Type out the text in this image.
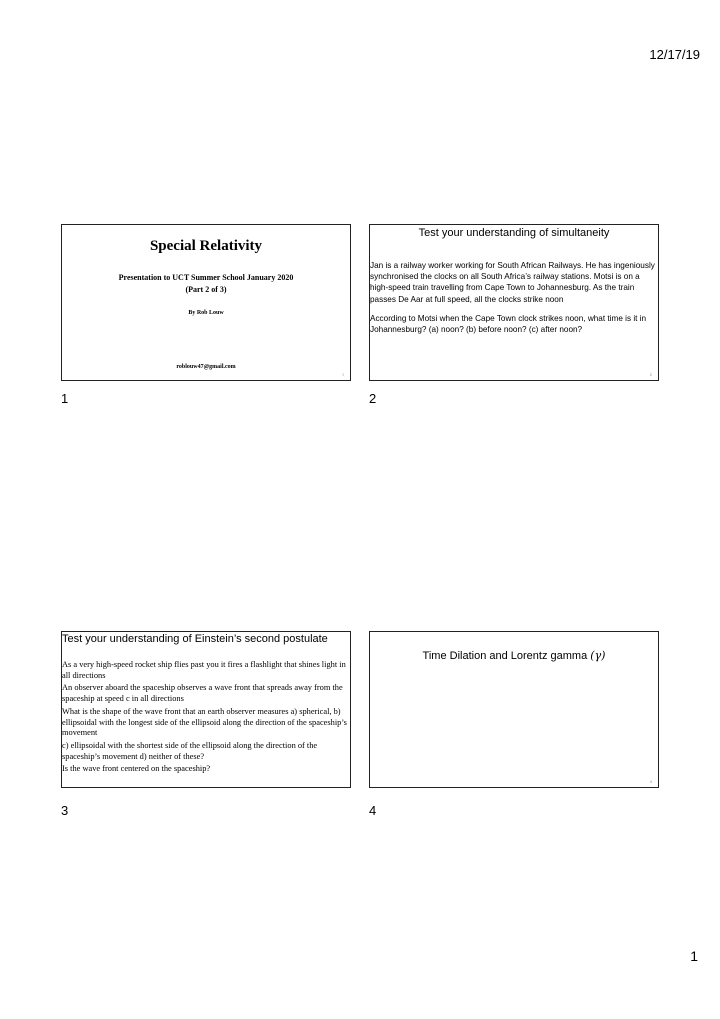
12/17/19
Special Relativity
Presentation to UCT Summer School January 2020
(Part 2 of 3)
By Rob Louw
roblouw47@gmail.com
1
1
Test your understanding of simultaneity

Jan is a railway worker working for South African Railways. He has ingeniously synchronised the clocks on all South Africa’s railway stations. Motsi is on a high-speed train travelling from Cape Town to Johannesburg. As the train passes De Aar at full speed, all the clocks strike noon

According to Motsi when the Cape Town clock strikes noon, what time is it in Johannesburg? (a) noon? (b) before noon? (c) after noon?

2
2
Test your understanding of Einstein’s second postulate

As a very high-speed rocket ship flies past you it fires a flashlight that shines light in all directions

An observer aboard the spaceship observes a wave front that spreads away from the spaceship at speed c in all directions

What is the shape of the wave front that an earth observer measures a) spherical, b) ellipsoidal with the longest side of the ellipsoid along the direction of the spaceship’s movement

c) ellipsoidal with the shortest side of the ellipsoid along the direction of the spaceship’s movement d) neither of these?

Is the wave front centered on the spaceship?

3
Time Dilation and Lorentz gamma (γ)
4
4
1
